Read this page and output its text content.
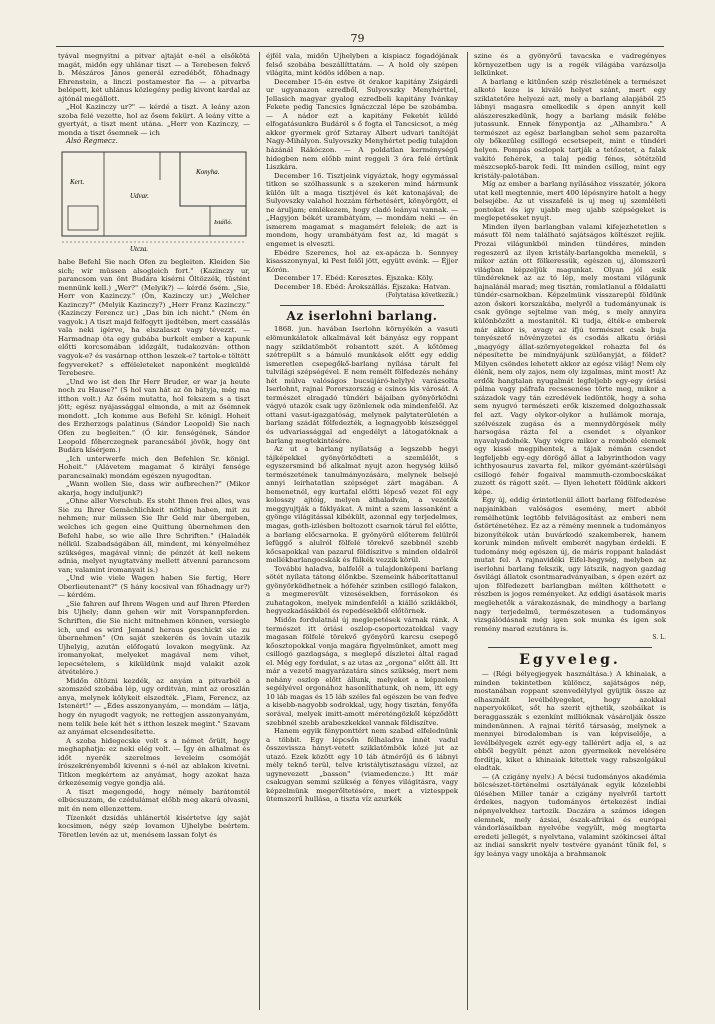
79

tyával megnyitni a pitvar ajtaját e-nél a elsőkötá magát, midőn egy uhlánar tiszt — a Terebesen fekvő b. Mészáros János generál ezredébőt, föhadnagy Ehrenstein, a linczi postamester fia — a pitvarba belépett, két uhlánus közlegény pedig kivont kardal az ajtónál megállott.

„Hol Kazinczy ur?" — kérdé a tiszt. A leány azon szoba felé vezette, hol az ősem fekürt. A leány vitte a gyertyát, a tiszt ment utána. „Herr von Kazinczy, — monda a tiszt ősemnek — ich

Alsó Regmecz.

Kert.
Udvar.
Konyha.
Istálló.
Utcza.

habe Befehl Sie nach Ofen zu begleiten. Kleiden Sie sich; wir müssen alsogleich fort." (Kazinczy ur, parancsom van önt Budára kísérni Öltözzék, tüstént mennünk kell.) „Wer?" (Melyik?) — kérdé ősém. „Sie, Herr von Kazinczy." (Ön, Kazinczy ur.) „Welcher Kazinczy?" (Melyik Kazinczy?) „Herr Franz Kazinczy." (Kazinczy Ferencz ur.) „Das bin ich nicht." (Nem én vagyok.) A tiszt majd felfogytt ijedtében, mert cassálás vala neki igérve, ha elszalaszt vagy tévezzt. — Harmadnap óta egy gubába burkolt ember a kapunk előtti korcsomában időzgált, tudakozván: otthon vagyok-e? és vasárnap otthon leszek-e? tartok-e töltött fegyvereket? s efféleleteket naponként megküldé Terebesre.

„Und wo ist den Ihr Herr Bruder, er war ja heute noch zu Hause?" (S hol van hát az ön bátyja, még ma itthon volt.) Az ősém mutatta, hol fekszem s a tiszt jött; egész nyájassággal elmonda, a mit az ősémnek mondott. „Ich komme aus Befehl Sr. königl. Hoheit des Erzherzogs palatinus (Sándor Leopold) Sie nach Ofen zu begleiten." (Ő kir. fenségének, Sándor Leopold főherczegnek parancsából jövök, hogy önt Budára kísérjem.)

„Ich unterwerfe mich den Befehlen Sr. königl. Hoheit." (Alávetem magamat ő királyi fensége parancsainak) mondám egészen nyugodtan.

„Wann wollen Sie, dass wir aufbrechen?" (Mikor akarja, hogy induljunk?)

„Ohne aller Vorschub. Es steht Ihnen frei alles, was Sie zu Ihrer Gemächlichkeit nöthig haben, mit zu nehmen; nur müssen Sie Ihr Geld mir übergeben, welches ich gegen eine Quittung übernehmen den Befehl habe, so wie alle Ihre Schriften." (Haladék nélkül. Szabadságában áll, mindent, mi kényelméhez szükséges, magával vinni; de pénzét át kell nekem adnia, melyet nyugtatvány mellett átvenni parancsom van; valamint iromanyait is.)

„Und wie viele Wagen haben Sie fertig, Herr Oberlieutenant?" (S hány kocsival van főhadnagy ur?) — kérdém.

„Sie fahren auf Ihrem Wagen und auf Ihren Pferden bis Ujhely; dann gehen wir mit Vorspannpferden. Schriften, die Sie nicht mitnehmen können, versiegle ich, und es wird Jemand heraus geschickt sie zu übernehmen" (On saját szekerén és lovain utazik Ujhelyig, azután előfogatú lovakon megyünk. Az iromanyokat, melyeket magával nem vihet, lepecsételem, s kiküldünk majd valakit azok átvételére.)

Midőn öltözni kezdék, az anyám a pitvarból a szomszéd szobába lép, ugy orditván, mint az oroszlán anya, melynek kölykeit elszedték. „Fiam, Ferencz, az Istenért!" — „Édes asszonyanyám, — mondám — látja, hogy én nyugodt vagyok; ne rettegjen asszonyanyám, nem telik bele két hét s itthon leszek megint." Szavam az anyámat elcsendesítette.

A szoba hidegecske volt s a német őrült, hogy meghaphatja: ez neki elég volt. — Így én alhalmat és időt nyerék szerelmes leveleim csomóját írószekrényemből kivenni s é-nél az ablakon kivetni. Titkon megkértem az anyámat, hogy azokat haza érkezésemig vegye gondja alá.

A tiszt megengedé, hogy némely barátomtól elbúcsuzzam, de czédulámat előbb meg akará olvasni, mit én nem ellenzettem.

Tízenkét dzsidás uhlánertól kísértetve így saját kocsimon, négy szép lovamon Ujhelybe beértem. Töretlen levén az ut, menésem lassan folyt és

éjfél vala, midőn Ujhelyben a kispiacz fogadójának felső szobába beszállíttatám. — A hold oly szépen világita, mint kódös időben a nap.

December 15-én estve öt órakor kapitány Zsigárdi ur ugyanazon ezredből, Sulyovszky Menyhérttel, Jellasich magyar gyalog ezredbeli kapitány Ivánkay Fekete pedig Tancsics Ignáczczal lépe be szobámba. — A nádor ezt a kapitány Feketét küldé elfogatásunkra Budáról s ő fogta el Tancsicsot, a még akkor gyermek gróf Sztaray Albert udvari tanítóját Nagy-Mihályon. Sulyovszky Menyhértet pedig tulajdon házánál Rákóczon. — A poldatlan kerménységű hidegben nem előbb mint reggeli 3 óra felé értünk Liszkára.

December 16. Tisztjeink vigyáztak, hogy egymással titkon se szólhassunk s a szekeren mind hármunk külön ült a maga tisztjével és két katonajával; de Sulyovszky valahol hozzám férhetésért, könyörgött, el ne áruljam; emlékezem, hogy cladó leányai vannak. — „Hagyjon békét urambátyám, — mondám neki — én ismerem magamat s magamért felelek; de azt is mondom, hogy urambátyám fest az, ki magát s engemet is elveszti.

Ebédre Szerencs, hol az ex-apácza b. Sennyey kisasszonynyal, ki Pest felől jött, együtt evénk. — Éjjer Kórón.

December 17. Ebéd: Keresztes. Éjszaka: Köly.

December 18. Ebéd: Árokszállás. Éjszaka: Hatvan.

(Folytatása következik.)
Az iserlohni barlang.

1868. jun. havában Iserlohn környékén a vasuti elömunkálatok alkalmával két bányász egy roppant nagy sziklatömböt robantott szét. A kőtömeg szétrepült s a bámuló munkások előtt egy eddig ismeretlen csepegőkő-barlang nyílása tárult fel tulvilági szépségével. E nem remélt fölfedezés nehány hét múlva valóságos bucsújáró-helylyé varázsolta Iserlohnt, rajnai Pororszország e csinos kis városát. A természet elragadó tündéri bájaiban gyönyörködni vágyó utazók csak ugy özönlenek oda mindenfelől. Az ottani vasut-igazgatóság, melynek palytaterületén a barlang szádát fölfedezték, a legnagyobb készséggel és udvariassággal ad engedélyt a látogatóknak a barlang megtekintésére.

Az ut a barlang nyílatság a legszebb hegyi tájképekkel gyönyörködteti a szemlélőt, s egyszersmind bő alkalmat nyujt azon hegység külső természetének tanulmányozására, melynek belsejé annyi leirhatatlan szépséget zárt magában. A bemenetnél, egy kurtafal előtti lépcső vezet föl egy kolosszy ajtóig, melyen áthaladván, a vezetők meggyujtják a fáklyákat. A mint a szem lassanként a gyönge világitással kibékült, azonnal egy terjedelmes, magas, goth-izlésben boltozott csarnok tárul fel előtte, a barlang előcsarnoka. E gyönyörű előterem felülről lefüggő s alulról fölfelé törekvő szebbnél szebb kőcsapokkal van pazarul földíszitve s minden oldalról mellékbarlangocskák és fülkék vezzik körül.

További haladva, balfelől a tulajdonképeni barlang sötét nyílata tátong élőnkbe. Szemeink háborítattanul gyönyörködhetnek a hófehér szinben csillogó falakon, a megmerevült vizesésekben, forrásokon és zuhatagokon, melyek mindenfelől a kiálló sziklákból, hegyezkadásákból és repedésekből előtörnek.

Midőn fordulatnál új meglepetések várnak ránk. A természet itt óriási oszlop-csoportozatokkal vagy magasan fölfelé törekvő gyönyörű karcsu csepegő kőosztopokkal vonja magára figyelmünket, amott meg csillogó gazdagsága, s meglepő díszletei által ragad el. Még egy fordulat, s az utas az „orgona" előtt áll. Itt már a vezető magyarázatára sincs szükség, mert nem nehány oszlop előtt állunk, melyeket a képzelem segélyével orgonához hasonlíthatunk, oh nem, itt egy 10 láb magas és 15 láb széles fal egészen be van fedve a kisebb-nagyobb sodrokkal, ugy, hogy tisztán, fenyőfa sorával, melyek imitt-amott méreténgözkől képződött szebbnél szebb arabeszkekkel vannak földiszítve.

Hanem egyik fényponttért nem szabad elfelednünk a többit. Egy lépcsőn félhaladva innét vadul összevissza hányt-vetett sziklatömbök közé jut az utazó. Ezek között egy 10 láb átmérőjű és 6 lábnyi mély teknő terül, telve kristálytisztaságu vízzel, az ugynevezett „basson" (viamedencze.) Itt már csakugyan semmi szükség a fényes világitásra, vagy képzelmünk megerőltetésére, mert a viztesppek ütemszerű hullása, a tiszta víz azurkék

szine és a gyönyörű tavacska e vadregényes környezetben ugy is a regék világába varázsolja lelkünket.

A barlang e kitűnően szép részletének a természet alkotó keze is kiváló helyet szánt, mert egy sziklatetőre helyezé azt, mely a barlang alapjából 25 lábnyi magasra emelkedik s épen annyit kell alászereszkedünk, hogy a barlang másik felébe jutassunk. Ennek fénypontja az „Alhambra." A természet az egész barlangban sehol sem pazarolta oly bőkezűleg csillogó ecsetsepeit, mint e tündéri helyen. Pompás oszlopok tartják a tetőzetet, a falak vakító fehérek, a talaj pedig fénes, sötétzöld mészcsepkő-barok fedi. Itt minden csillog, mint egy kristály-palotában.

Míg az ember a barlang nyílásához visszatér, jókora utat kell megtennie, mert 400 lépésnyire hatolt a hegy belsejébe. Az ut visszafelé is uj meg uj szemléleti pontokat és igy ujabb meg ujabb szépségeket is meglepetéseket nyujt.

Minden ilyen barlangban valami kifejezhetetlen s másutt föl nem található sajátságos költészet rejlik. Prozai világunkból minden tündéres, minden regeszerű az ilyen kristály-barlangokba menekül, s mikor aztán ott fölkeressük, egészen uj, álomszerű világban képzeljük magunkat. Olyan jól esik tündéreknek az az tó lép, mely mostani világunk hajnalánál marad; meg tisztán, romlatlanul a földalatti tündér-csarnokban. Képzelmünk visszarepül földünk azon őskori korszakába, melyről a tudományunak is csak gyönge sejtelme van még, s mely annyira különbözött a mostanitól. Ki tudja, élték-e emberek már akkor is, avagy az ifjú természet csak buja tenyészető növényzetei és csodás alkatu óriási „magyógy állat-szörnyetegekkel rohazta fel és népesítette be mindnyájunk szülőanyját, a földet? Milyen csöndes lehetett akkor az egész világ! Nem oly élénk, nem oly zajos, nem oly izgalmas, mint most! Az erdők hangtalan nyugalmát legfeljebb egy-egy óriási pálma vagy páfrafa recsesenése törte meg, mikor a századok vagy tán ezredévek ledöntök, hogy a soha sem nyugvó természeti erők kiszemed dolgozhassak fel azt. Vagy olykor-olykor a hullámok moraja, szélvészek zugása és a mennydörgések mély harsogása rázta fel a csendet s olyankor nyavalyadolnék. Vagy végre mikor a romboló elemek egy kissé megpihentek, a tájak némán csendet legfeljebb egy-egy dörögő állat a labyrinthodon vagy ichthyosaurus zavarta fel, mikor gyémánt-szérülsági csillogó fehér fogaival mammuth-czombocskákat zuzott és rágott szét. — Ilyen lehetett földünk akkori képe.

Egy új, eddig érintetlenül állott barlang fölfedezése napjainkban valóságos esemény, mert abból remélhetünk legtöbb felvilágosítást az emberi nem őstörténetéhez. Ez az a rémény mennek a tudományos bizonyítékok után buvárkodó szakemberek, hanem korunk minden művelt emberét nagyban érdekli. E tudomány még egészen új, de máris roppant haladást mutat fel. A rajnavidéki Eifel-hegység, melyben az iserlohni barlang fekszik, ugy látszik, nagyon gazdag ősvilági állatok csontmaradványaiban, s épen ezért az ujon fölfedezett barlangban mélten költhetett e részben is jogos reményeket. Az eddigi ásatások maris meglehetők a várakozásnak, de mindhogy a barlang nagy terjedelmű, természetesen a tudományos vizsgálódásnak még igen sok munka és igen sok remény marad ezutánra is.

S. L.
Egyveleg.

— (Régi bélyegjegyek használtása.) A khinaiak, a minden tekintetben különcz, sajátságos nép, mostanában roppant szenvedélylyel gyüjtik össze az elhasznált levélbélyegeket, hogy azokkal naperyoköket, sőt ha szerit ejthetik, szobáikat is beraggasszák s ezenkínt millióknak vásárolják össze mindenünnen. A rajnai térítő társaság, melynek a mennyei birodalomban is van képviselője, a levélbélyegek ezrét egy-egy tallérért adja el, s az ebből begyült pénzt azon gyermekek nevelésére fordítja, kiket a khinaiak kitettek vagy rabszolgákul eladtak.

— (A czigány nyelv.) A bécsi tudományos akadémia bölcsészet-történelmi osztályának egyik közelebbi ülésében Miller tanár a czigány nyelvről tartott érdekes, nagyon tudományos értekezést indiai népnyelvekhez tartozik. Daczára a számos idegen elemnek, mely ázsiai, észak-afrikai és európai vándorlásaikban nyelvébe vegyült, még megtarta eredeti jellegét, s nyelvtana, valamint szókincsei által az indiai sanskrit nyelv testvére gyanánt tűnik fel, s így leánya vagy unokája a brahmanok
